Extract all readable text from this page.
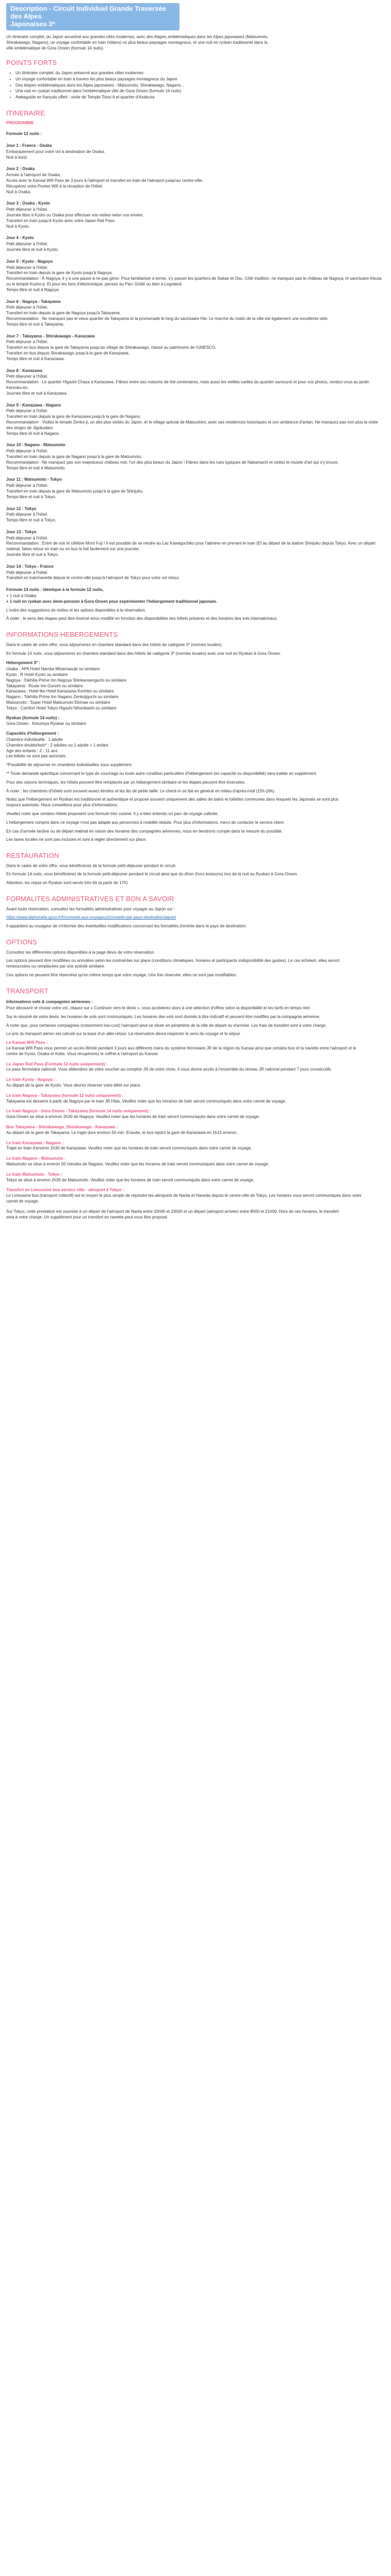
Description - Circuit Individuel Grande Traversée des Alpes
Japonaises 3*

Un itinéraire complet, du Japon ancestral aux grandes cités modernes, avec des étapes emblématiques dans les Alpes japonaises (Matsumoto, Shirakawago, Nagano), un voyage confortable en train (rôtiers) où plus beaux paysages montagneux, et une nuit en ryokan traditionnel dans la ville emblématique de Gora Onsen (formule 14 nuits).

POINTS FORTS
• Un itinéraire complet, du Japon préservé aux grandes villes modernes
• Un voyage confortable en train à travers les plus beaux paysages montagneux du Japon
• Des étapes emblématiques dans les Alpes japonaises : Matsumoto, Shirakawago, Nagano...
• Une nuit en ryokan traditionnel dans l'emblématique ville de Gora Onsen (formule 14 nuits)
• Awbaguide en français offert : visite de Temple Toiso A et quartier d'Asakusa
ITINERAIRE
PROGRAMME
Formule 12 nuits :
Jour 1 : France - Osaka

Embarquement pour votre vol à destination de Osaka.
Nuit à bord.

Jour 2 : Osaka

Arrivée à l'aéroport de Osaka.
Accès avec le Kansai Wifi Pass de 3 jours à l'aéroport et transfert en train de l'aéroport jusqu'au centre-ville.
Récupérez votre Pocket Wifi à la réception de l'hôtel.
Nuit à Osaka.

Jour 3 : Osaka - Kyoto

Petit déjeuner à l'hôtel.
Journée libre à Kyoto ou Osaka pour effectuer vos visites selon vos envies.
Transfert en train jusqu'à Kyoto avec votre Japan Rail Pass.
Nuit à Kyoto.

Jour 4 : Kyoto

Petit déjeuner à l'hôtel.
Journée libre et nuit à Kyoto.

Jour 5 : Kyoto - Nagoya

Petit déjeuner à l'hôtel.
Transfert en train depuis la gare de Kyoto jusqu'à Nagoya.
Recommandation : À Nagoya, il y a une pause à ne pas gérer. Pour familiariser à terme, s'y passer les quartiers de Sakae et Osu. Côté tradition, ne manquez pas le château de Nagoya, le sanctuaire Atsuta ou le temple Kosho-ji. Et pour les fans d'électronique, pensez au Parc Ghibli ou bien à Legoland.
Temps libre et nuit à Nagoya.

Jour 6 : Nagoya - Takayama

Petit déjeuner à l'hôtel.
Transfert en train depuis la gare de Nagoya jusqu'à Takayama.
Recommandation : Ne manquez pas le vieux quartier de Takayama et la promenade le long du sanctuaire Hie. Le marché du matin de la ville est également une excellente idée.
Temps libre et nuit à Takayama.

Jour 7 : Takayama - Shirakawago - Kanazawa

Petit déjeuner à l'hôtel.
Transfert en bus depuis la gare de Takayama jusqu'au village de Shirakawago, classé au patrimoine de l'UNESCO.
Transfert en bus depuis Shirakawago jusqu'à la gare de Kanazawa.
Temps libre et nuit à Kanazawa.

Jour 8 : Kanazawa

Petit déjeuner à l'hôtel.
Recommandation : Le quartier Higashi Chaya à Kanazawa. Flânez entre ses maisons de thé centenaires, mais aussi les vieilles ruelles du quartier samouraï et pour vos photos, rendez-vous au jardin Kenroku-en.
Journée libre et nuit à Kanazawa.

Jour 9 : Kanazawa - Nagano

Petit déjeuner à l'hôtel.
Transfert en train depuis la gare de Kanazawa jusqu'à la gare de Nagano.
Recommandation : Visitez le temple Zenko-ji, un des plus visités du Japon, et le village spécial de Matsushiro, avec ses résidences historiques et son ambiance d'antan. Ne manquez pas non plus la visite des singes de Jigokudani.
Temps libre et nuit à Nagano.

Jour 10 : Nagano - Matsumoto

Petit déjeuner à l'hôtel.
Transfert en train depuis la gare de Nagano jusqu'à la gare de Matsumoto.
Recommandation : Ne manquez pas son majestueux château noir, l'un des plus beaux du Japon ! Flânez dans les rues typiques de Nakamachi et visitez le musée d'art qui s'y trouve.
Temps libre et nuit à Matsumoto.

Jour 11 : Matsumoto - Tokyo

Petit déjeuner à l'hôtel.
Transfert en train depuis la gare de Matsumoto jusqu'à la gare de Shinjuku.
Temps libre et nuit à Tokyo.

Jour 12 : Tokyo

Petit déjeuner à l'hôtel.
Temps libre et nuit à Tokyo.

Jour 13 : Tokyo

Petit déjeuner à l'hôtel.
Recommandation : Entre de voir le célèbre Mont Fuji ! Il est possible de se rendre au Lac Kawaguchiko pour l'admirer en prenant le train (Et au départ de la station Shinjuku depuis Tokyo. Avec un départ matinal, faites retour en train ou en bus le fait facilement sur une journée.
Journée libre et nuit à Tokyo.

Jour 14 : Tokyo - France

Petit déjeuner à l'hôtel.
Transfert en train/navette depuis le centre-ville jusqu'à l'aéroport de Tokyo pour votre vol retour.

Formule 14 nuits : identique à la formule 12 nuits,

+ 1 nuit à Osaka

+ 1 nuit en ryokan avec demi-pension à Gora Onsen pour expérimenter l'hébergement traditionnel japonais.

L'ordre des suggestions de visites et les options disponibles à la réservation.

À noter : le sens des étapes peut être inversé et/ou modifié en fonction des disponibilités des hôtels présents et des horaires des vols internationaux.

INFORMATIONS HEBERGEMENTS

Dans le cadre de votre offre, vous séjournerez en chambre standard dans des hôtels de catégorie 3* (normes locales).

En formule 14 nuits, vous séjournerez en chambre standard dans des hôtels de catégorie 3* (normes locales) avec une nuit en Ryokan à Gora Onsen.

Hébergement 3* :

Osaka : APA Hotel Namba Minamasubi ou similaire

Kyoto : R Hotel Kyoto ou similaire

Nagoya : Tokhilia Prime Inn Nagoya Shinkansenguchi ou similaire

Takayama : Route Inn Gonohi ou similaire

Kanazawa : Hotel Ike Hotel Kanazawa Korinbo ou similaire

Nagano : Tokhilia Prime Inn Nagano Zenkojiguchi ou similaire

Matsumoto : Super Hotel Matsumoto Ekimae ou similaire

Tokyo : Comfort Hotel Tokyo Higashi Nihonbashi ou similaire

Ryokan (formule 14 nuits) :

Gora Onsen : Kinumiya Ryokan ou similaire

Capacités d'hébergement :

Chambre individuelle : 1 adulte

Chambre double/twin* : 2 adultes ou 1 adulte + 1 enfant

Age des enfants : 2 - 11 ans

Les bébés ne sont pas autorisés

*Possibilité de séjourner en chambres individuelles sous supplément.

** Toute demande spécifique concernant le type de couchage ou toute autre condition particulière d'hébergement (en capacité ou disponibilité) sera traitée en supplément.

Pour des raisons techniques, les hôtels peuvent être remplacés par un hébergement similaire et les étapes peuvent être inversées.

À noter : les chambres d'hôtels sont souvent assez étroites et les lits de petite taille. Le check-in se fait en général en milieu d'après-midi (15h-16h).

Notez que l'hébergement en Ryokan est traditionnel et authentique et propose souvent uniquement des salles de bains et toilettes communes dans lesquels les Japonais se sont plus toujours autorisés. Nous conseillons pour plus d'informations.

Veuillez noter que certains hôtels proposent une formule très cuisine. Il y a bien entendu un parc de voyage cultivée.

L'hébergement compris dans ce voyage n'est pas adapté aux personnes à mobilité réduite. Pour plus d'informations, merci de contacter le service client.

En cas d'arrivée tardive ou de départ matinal en raison des horaires des compagnies aériennes, nous en tiendrons compte dans la mesure du possible.

Les taxes locales ne sont pas incluses et sont à régler directement sur place.

RESTAURATION

Dans le cadre de votre offre, vous bénéficierez de la formule petit-déjeuner pendant le circuit.

En formule 14 nuits, vous bénéficierez de la formule petit-déjeuner pendant le circuit ainsi que du dîner (hors boissons) lors de la nuit au Ryokan à Gora Onsen.

Attention, les repas en Ryokan sont servis très tôt (à partir de 17h).

FORMALITES ADMINISTRATIVES ET BON A SAVOIR

Avant toute réservation, consultez les formalités administratives pour voyager au Japon sur :

https://www.diplomatie.gouv.fr/fr/conseils-aux-voyageurs/conseils-par-pays-destination/japon/

Il appartient au voyageur de s'informer des éventuelles modifications concernant les formalités d'entrée dans le pays de destination.

OPTIONS

Consultez les différentes options disponibles à la page devis de votre réservation.

Les options peuvent être modifiées ou annulées selon les contraintes sur place (conditions climatiques, horaires et participants indisponibilité des guides). Le cas échéant, elles seront remboursées ou remplacées par une activité similaire.

Ces options ne peuvent être réservées qu'en même temps que votre voyage. Une fois réservée, elles ne sont pas modifiables.

TRANSPORT

Informations vols & compagnies aériennes :

Pour découvrir et choisir votre vol, cliquez sur « Continuer vers le devis », vous accéderez alors à une sélection d'offres selon la disponibilité et les tarifs en temps réel.

Sur le résumé de votre devis, les horaires de vols sont communiqués. Les horaires des vols sont donnés à titre indicatif et peuvent être modifiés par la compagnie aérienne.

À noter que, pour certaines compagnies (notamment low-cost) l'aéroport peut se situer en périphérie de la ville de départ ou d'arrivée. Les frais de transfert sont à votre charge.

Le prix du transport aérien est calculé sur la base d'un aller-retour. La réservation devra respecter le sens du voyage et le séjour.

Le Kansai Wifi Pass :

Le Kansai Wifi Pass vous permet un accès illimité pendant 3 jours aux différents trains du système ferroviaire JR de la région du Kansai ainsi que certains bus et la navette entre l'aéroport et le centre de Kyoto, Osaka et Kobe. Vous récupérerez le coffret à l'aéroport du Kansai.

Le Japan Rail Pass (Formule 12 nuits uniquement) :

Le pass ferroviaire national. Vous obtiendrez de votre voucher au comptoir JR de votre choix. Il vous donne accès à l'ensemble du réseau JR national pendant 7 jours consécutifs.

Le train Kyoto - Nagoya :

Au départ de la gare de Kyoto. Vous devrez réserver votre billet sur place.

Le train Nagoya - Takayama (formule 12 nuits uniquement) :

Takayama est desservi à partir de Nagoya par le train JR Hida. Veuillez noter que les horaires de train seront communiqués dans votre carnet de voyage.

Le train Nagoya - Gora Onsen - Takayama (formule 14 nuits uniquement) :

Gora Onsen se situe à environ 2h30 de Nagoya. Veuillez noter que les horaires de train seront communiqués dans votre carnet de voyage.

Bus Takayama - Shirakawago, Shirakawago - Kanazawa :

Au départ de la gare de Takayama. Le trajet dure environ 50 min. Ensuite, le bus rejoint la gare de Kanazawa en 1h15 environ.

Le train Kanazawa - Nagano :

Trajet en train d'environ 1h30 de Kanazawa. Veuillez noter que les horaires de train seront communiqués dans votre carnet de voyage.

Le train Nagano - Matsumoto :

Matsumoto se situe à environ 50 minutes de Nagano. Veuillez noter que les horaires de train seront communiqués dans votre carnet de voyage.

Le train Matsumoto - Tokyo :

Tokyo se situe à environ 2h30 de Matsumoto. Veuillez noter que les horaires de train seront communiqués dans votre carnet de voyage.

Transfert en Limousine bus service ville - aéroport à Tokyo :

Le Limousine bus (transport collectif) est le moyen le plus simple de rejoindre les aéroports de Narita et Haneda depuis le centre-ville de Tokyo. Les horaires vous seront communiqués dans votre carnet de voyage.

Sur Tokyo, cette prestation est soumise à un départ de l'aéroport de Narita entre 10h00 et 23h00 et un départ (aéroport arrivée) entre 8h00 et 21h00. Hors de ces horaires, le transfert sera à votre charge. Un supplément pour un transfert en navette peut vous être proposé.
